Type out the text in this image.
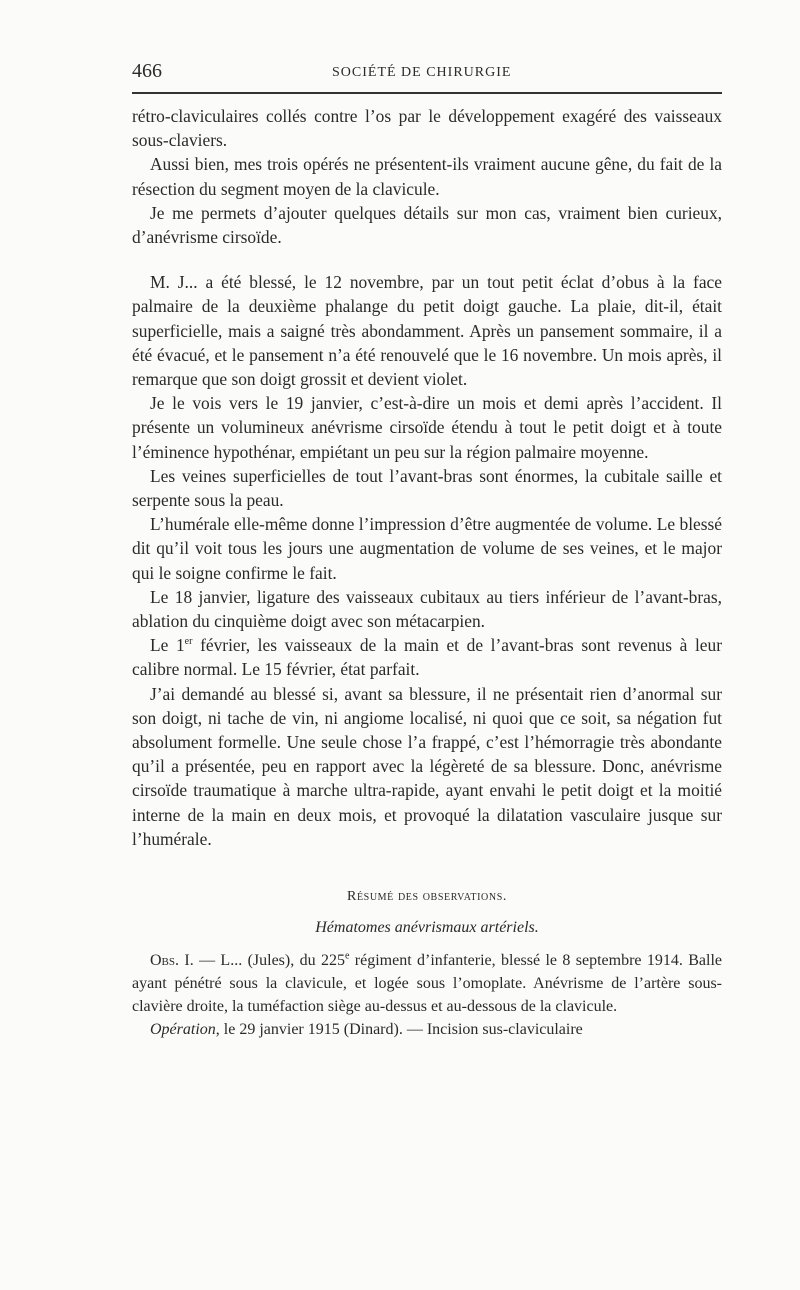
466	SOCIÉTÉ DE CHIRURGIE

rétro-claviculaires collés contre l’os par le développement exagéré des vaisseaux sous-claviers.

Aussi bien, mes trois opérés ne présentent-ils vraiment aucune gêne, du fait de la résection du segment moyen de la clavicule.

Je me permets d’ajouter quelques détails sur mon cas, vraiment bien curieux, d’anévrisme cirsoïde.

M. J... a été blessé, le 12 novembre, par un tout petit éclat d’obus à la face palmaire de la deuxième phalange du petit doigt gauche. La plaie, dit-il, était superficielle, mais a saigné très abondamment. Après un pansement sommaire, il a été évacué, et le pansement n’a été renouvelé que le 16 novembre. Un mois après, il remarque que son doigt grossit et devient violet.

Je le vois vers le 19 janvier, c’est-à-dire un mois et demi après l’accident. Il présente un volumineux anévrisme cirsoïde étendu à tout le petit doigt et à toute l’éminence hypothénar, empiétant un peu sur la région palmaire moyenne.

Les veines superficielles de tout l’avant-bras sont énormes, la cubitale saille et serpente sous la peau.

L’humérale elle-même donne l’impression d’être augmentée de volume. Le blessé dit qu’il voit tous les jours une augmentation de volume de ses veines, et le major qui le soigne confirme le fait.

Le 18 janvier, ligature des vaisseaux cubitaux au tiers inférieur de l’avant-bras, ablation du cinquième doigt avec son métacarpien.

Le 1er février, les vaisseaux de la main et de l’avant-bras sont revenus à leur calibre normal. Le 15 février, état parfait.

J’ai demandé au blessé si, avant sa blessure, il ne présentait rien d’anormal sur son doigt, ni tache de vin, ni angiome localisé, ni quoi que ce soit, sa négation fut absolument formelle. Une seule chose l’a frappé, c’est l’hémorragie très abondante qu’il a présentée, peu en rapport avec la légèreté de sa blessure. Donc, anévrisme cirsoïde traumatique à marche ultra-rapide, ayant envahi le petit doigt et la moitié interne de la main en deux mois, et provoqué la dilatation vasculaire jusque sur l’humérale.

Résumé des observations.
Hématomes anévrismaux artériels.

Obs. I. — L... (Jules), du 225e régiment d’infanterie, blessé le 8 septembre 1914. Balle ayant pénétré sous la clavicule, et logée sous l’omoplate. Anévrisme de l’artère sous-clavière droite, la tuméfaction siège au-dessus et au-dessous de la clavicule.

Opération, le 29 janvier 1915 (Dinard). — Incision sus-claviculaire
